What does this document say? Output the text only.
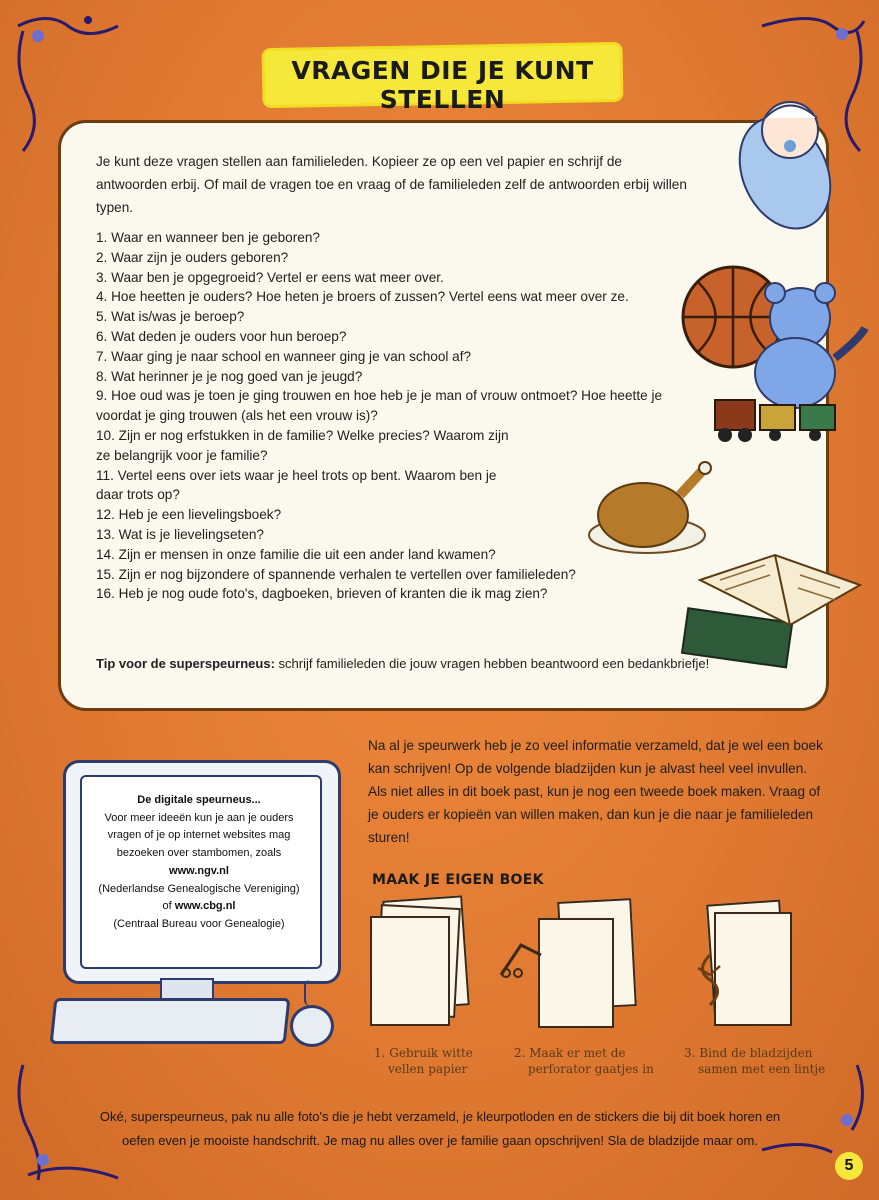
VRAGEN DIE JE KUNT STELLEN
Je kunt deze vragen stellen aan familieleden. Kopieer ze op een vel papier en schrijf de antwoorden erbij. Of mail de vragen toe en vraag of de familieleden zelf de antwoorden erbij willen typen.
1. Waar en wanneer ben je geboren?
2. Waar zijn je ouders geboren?
3. Waar ben je opgegroeid? Vertel er eens wat meer over.
4. Hoe heetten je ouders? Hoe heten je broers of zussen? Vertel eens wat meer over ze.
5. Wat is/was je beroep?
6. Wat deden je ouders voor hun beroep?
7. Waar ging je naar school en wanneer ging je van school af?
8. Wat herinner je je nog goed van je jeugd?
9. Hoe oud was je toen je ging trouwen en hoe heb je je man of vrouw ontmoet? Hoe heette je voordat je ging trouwen (als het een vrouw is)?
10. Zijn er nog erfstukken in de familie? Welke precies? Waarom zijn ze belangrijk voor je familie?
11. Vertel eens over iets waar je heel trots op bent. Waarom ben je daar trots op?
12. Heb je een lievelingsboek?
13. Wat is je lievelingseten?
14. Zijn er mensen in onze familie die uit een ander land kwamen?
15. Zijn er nog bijzondere of spannende verhalen te vertellen over familieleden?
16. Heb je nog oude foto's, dagboeken, brieven of kranten die ik mag zien?
Tip voor de superspeurneus: schrijf familieleden die jouw vragen hebben beantwoord een bedankbriefje!
Na al je speurwerk heb je zo veel informatie verzameld, dat je wel een boek kan schrijven! Op de volgende bladzijden kun je alvast heel veel invullen. Als niet alles in dit boek past, kun je nog een tweede boek maken. Vraag of je ouders er kopieën van willen maken, dan kun je die naar je familieleden sturen!
De digitale speurneus...
Voor meer ideeën kun je aan je ouders
vragen of je op internet websites mag
bezoeken over stambomen, zoals
www.ngv.nl
(Nederlandse Genealogische Vereniging)
of www.cbg.nl
(Centraal Bureau voor Genealogie)
MAAK JE EIGEN BOEK
1. Gebruik witte
vellen papier
2. Maak er met de
perforator gaatjes in
3. Bind de bladzijden
samen met een lintje
Oké, superspeurneus, pak nu alle foto's die je hebt verzameld, je kleurpotloden en de stickers die bij dit boek horen en oefen even je mooiste handschrift. Je mag nu alles over je familie gaan opschrijven! Sla de bladzijde maar om.
5
